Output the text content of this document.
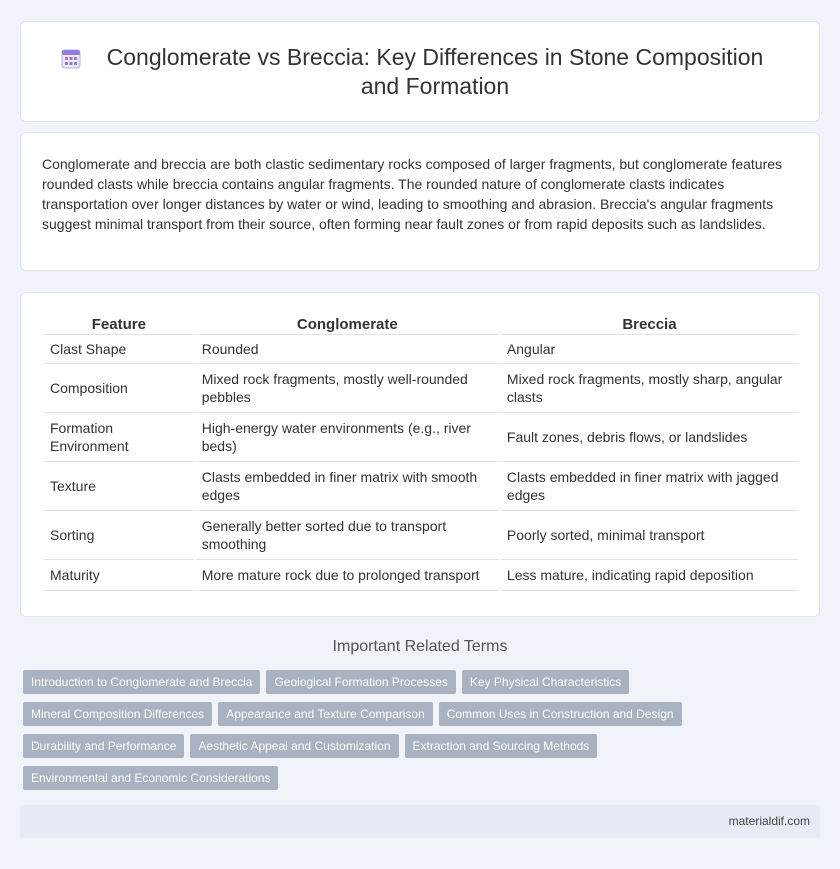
Conglomerate vs Breccia: Key Differences in Stone Composition and Formation

Conglomerate and breccia are both clastic sedimentary rocks composed of larger fragments, but conglomerate features rounded clasts while breccia contains angular fragments. The rounded nature of conglomerate clasts indicates transportation over longer distances by water or wind, leading to smoothing and abrasion. Breccia's angular fragments suggest minimal transport from their source, often forming near fault zones or from rapid deposits such as landslides.

Feature	Conglomerate	Breccia
Clast Shape	Rounded	Angular
Composition	Mixed rock fragments, mostly well-rounded pebbles	Mixed rock fragments, mostly sharp, angular clasts
Formation Environment	High-energy water environments (e.g., river beds)	Fault zones, debris flows, or landslides
Texture	Clasts embedded in finer matrix with smooth edges	Clasts embedded in finer matrix with jagged edges
Sorting	Generally better sorted due to transport smoothing	Poorly sorted, minimal transport
Maturity	More mature rock due to prolonged transport	Less mature, indicating rapid deposition
Important Related Terms
Introduction to Conglomerate and Breccia	Geological Formation Processes	Key Physical Characteristics
Mineral Composition Differences	Appearance and Texture Comparison	Common Uses in Construction and Design
Durability and Performance	Aesthetic Appeal and Customization	Extraction and Sourcing Methods
Environmental and Economic Considerations
materialdif.com
